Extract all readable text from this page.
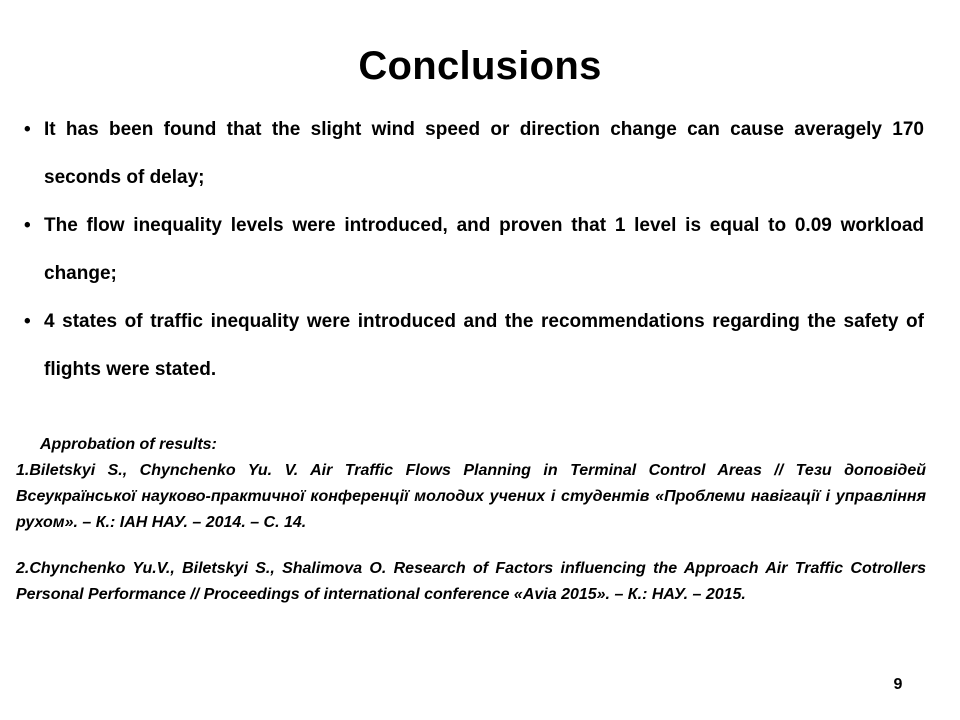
Conclusions
• It has been found that the slight wind speed or direction change can cause averagely 170 seconds of delay;
• The flow inequality levels were introduced, and proven that 1 level is equal to 0.09 workload change;
• 4 states of traffic inequality were introduced and the recommendations regarding the safety of flights were stated.

Approbation of results:

1.Biletskyi S., Chynchenko Yu. V. Air Traffic Flows Planning in Terminal Control Areas // Тези доповідей Всеукраїнської науково-практичної конференції молодих учених і студентів «Проблеми навігації і управління рухом». – К.: ІАН НАУ. – 2014. – С. 14.

2.Chynchenko Yu.V., Biletskyi S., Shalimova O. Research of Factors influencing the Approach Air Traffic Cotrollers Personal Performance // Proceedings of international conference «Avia 2015». – К.: НАУ. – 2015.

9
